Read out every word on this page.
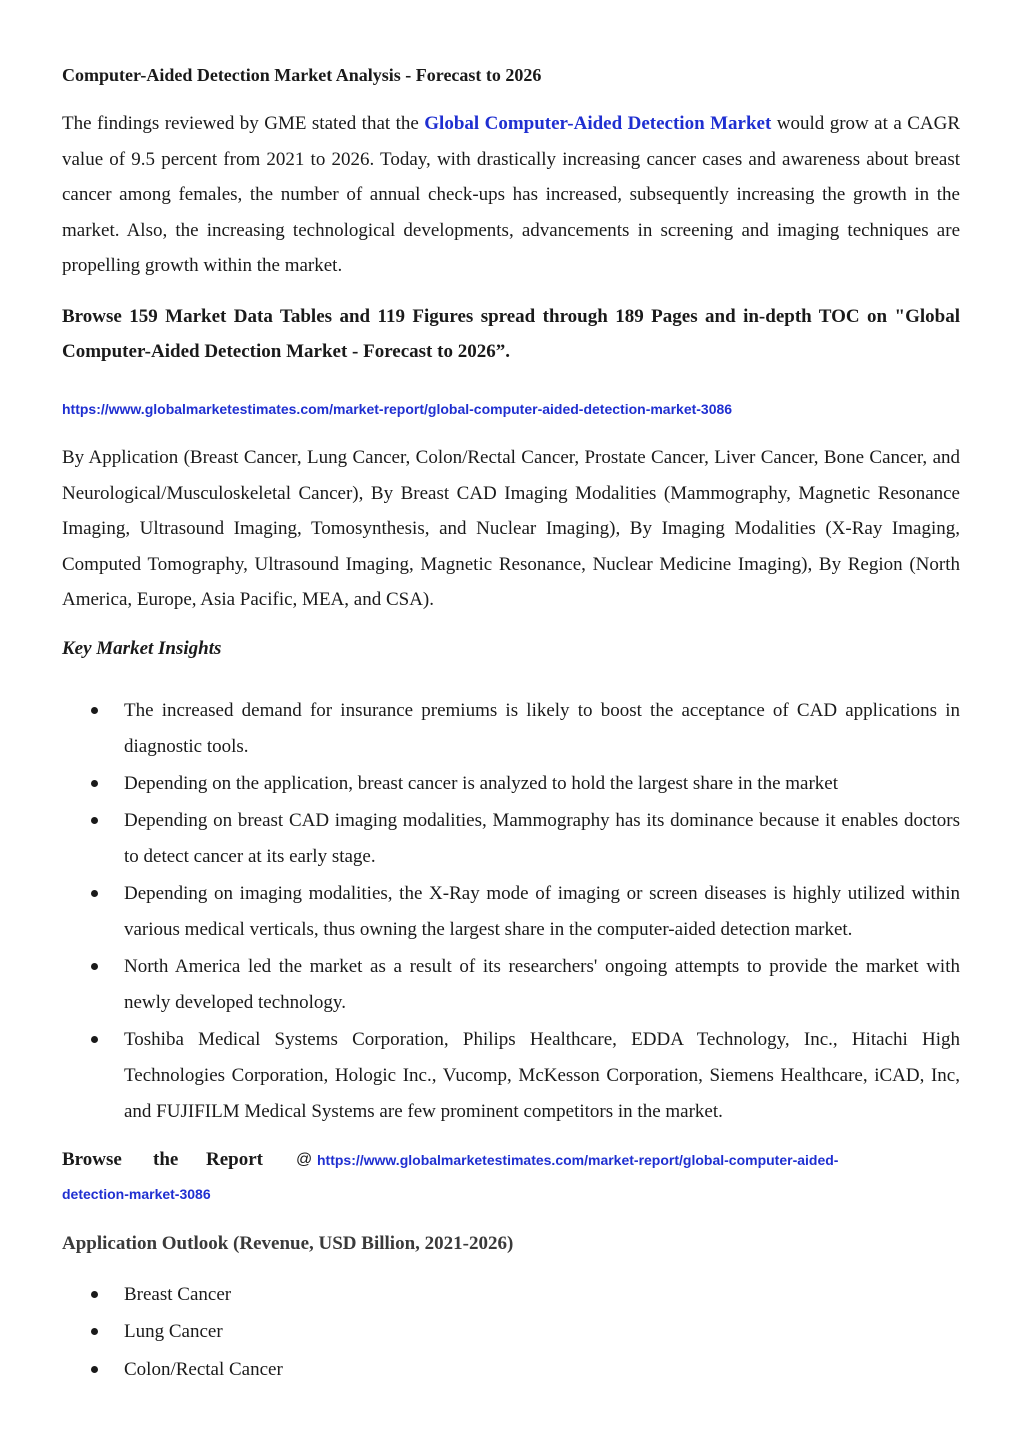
Computer-Aided Detection Market Analysis - Forecast to 2026

The findings reviewed by GME stated that the Global Computer-Aided Detection Market would grow at a CAGR value of 9.5 percent from 2021 to 2026. Today, with drastically increasing cancer cases and awareness about breast cancer among females, the number of annual check-ups has increased, subsequently increasing the growth in the market. Also, the increasing technological developments, advancements in screening and imaging techniques are propelling growth within the market.

Browse 159 Market Data Tables and 119 Figures spread through 189 Pages and in-depth TOC on "Global Computer-Aided Detection Market - Forecast to 2026”.

https://www.globalmarketestimates.com/market-report/global-computer-aided-detection-market-3086

By Application (Breast Cancer, Lung Cancer, Colon/Rectal Cancer, Prostate Cancer, Liver Cancer, Bone Cancer, and Neurological/Musculoskeletal Cancer), By Breast CAD Imaging Modalities (Mammography, Magnetic Resonance Imaging, Ultrasound Imaging, Tomosynthesis, and Nuclear Imaging), By Imaging Modalities (X-Ray Imaging, Computed Tomography, Ultrasound Imaging, Magnetic Resonance, Nuclear Medicine Imaging), By Region (North America, Europe, Asia Pacific, MEA, and CSA).

Key Market Insights
The increased demand for insurance premiums is likely to boost the acceptance of CAD applications in diagnostic tools.
Depending on the application, breast cancer is analyzed to hold the largest share in the market
Depending on breast CAD imaging modalities, Mammography has its dominance because it enables doctors to detect cancer at its early stage.
Depending on imaging modalities, the X-Ray mode of imaging or screen diseases is highly utilized within various medical verticals, thus owning the largest share in the computer-aided detection market.
North America led the market as a result of its researchers' ongoing attempts to provide the market with newly developed technology.
Toshiba Medical Systems Corporation, Philips Healthcare, EDDA Technology, Inc., Hitachi High Technologies Corporation, Hologic Inc., Vucomp, McKesson Corporation, Siemens Healthcare, iCAD, Inc, and FUJIFILM Medical Systems are few prominent competitors in the market.
Browse the Report @ https://www.globalmarketestimates.com/market-report/global-computer-aided-
detection-market-3086
Application Outlook (Revenue, USD Billion, 2021-2026)
Breast Cancer
Lung Cancer
Colon/Rectal Cancer
